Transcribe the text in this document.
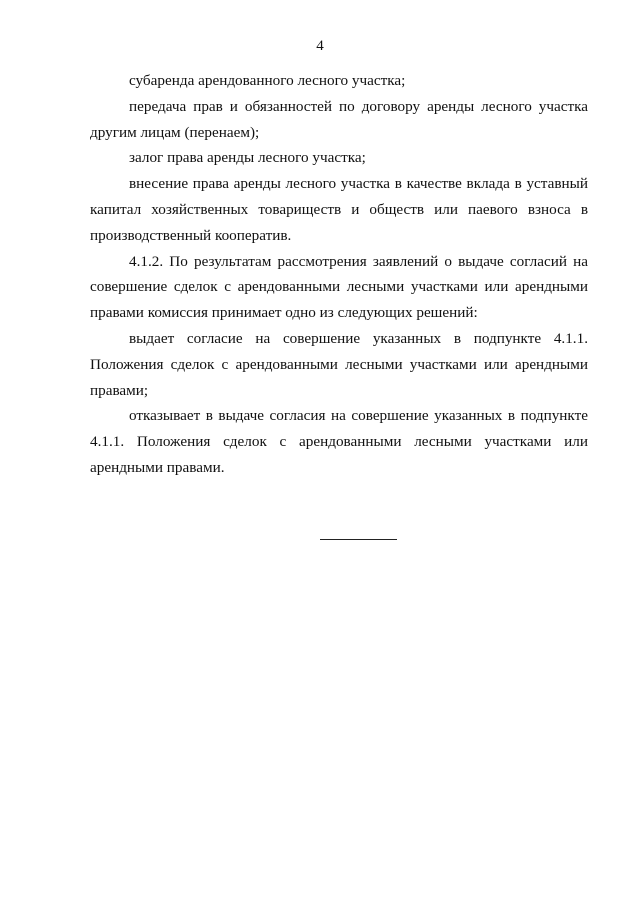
4

субаренда арендованного лесного участка;

передача прав и обязанностей по договору аренды лесного участка другим лицам (перенаем);

залог права аренды лесного участка;

внесение права аренды лесного участка в качестве вклада в уставный капитал хозяйственных товариществ и обществ или паевого взноса в производственный кооператив.

4.1.2. По результатам рассмотрения заявлений о выдаче согласий на совершение сделок с арендованными лесными участками или арендными правами комиссия принимает одно из следующих решений:

выдает согласие на совершение указанных в подпункте 4.1.1. Положения сделок с арендованными лесными участками или арендными правами;

отказывает в выдаче согласия на совершение указанных в подпункте 4.1.1. Положения сделок с арендованными лесными участками или арендными правами.
